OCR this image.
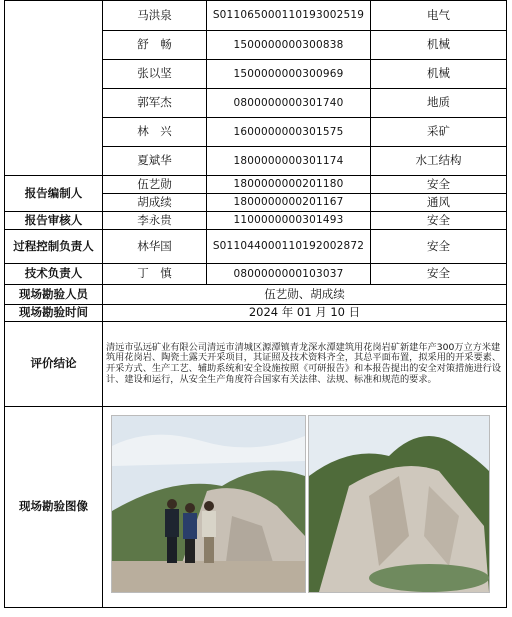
	马洪泉	S011065000110193002519	电气
	舒　畅	1500000000300838	机械
	张以坚	1500000000300969	机械
	郭军杰	0800000000301740	地质
	林　兴	1600000000301575	采矿
	夏斌华	1800000000301174	水工结构
报告编制人	伍艺勋	1800000000201180	安全
	胡成续	1800000000201167	通风
报告审核人	李永贵	1100000000301493	安全
过程控制负责人	林华国	S011044000110192002872	安全
技术负责人	丁　慎	0800000000103037	安全
现场勘验人员	伍艺勋、胡成续		
现场勘验时间	2024 年 01 月 10 日		
评价结论	清远市弘远矿业有限公司清远市清城区源潭镇青龙深水潭建筑用花岗岩矿新建年产300万立方米建筑用花岗岩、陶瓷土露天开采项目，其证照及技术资料齐全，其总平面布置，拟采用的开采要素、开采方式、生产工艺、辅助系统和安全设施按照《可研报告》和本报告提出的安全对策措施进行设计、建设和运行，从安全生产角度符合国家有关法律、法规、标准和规范的要求。		
现场勘验图像	
